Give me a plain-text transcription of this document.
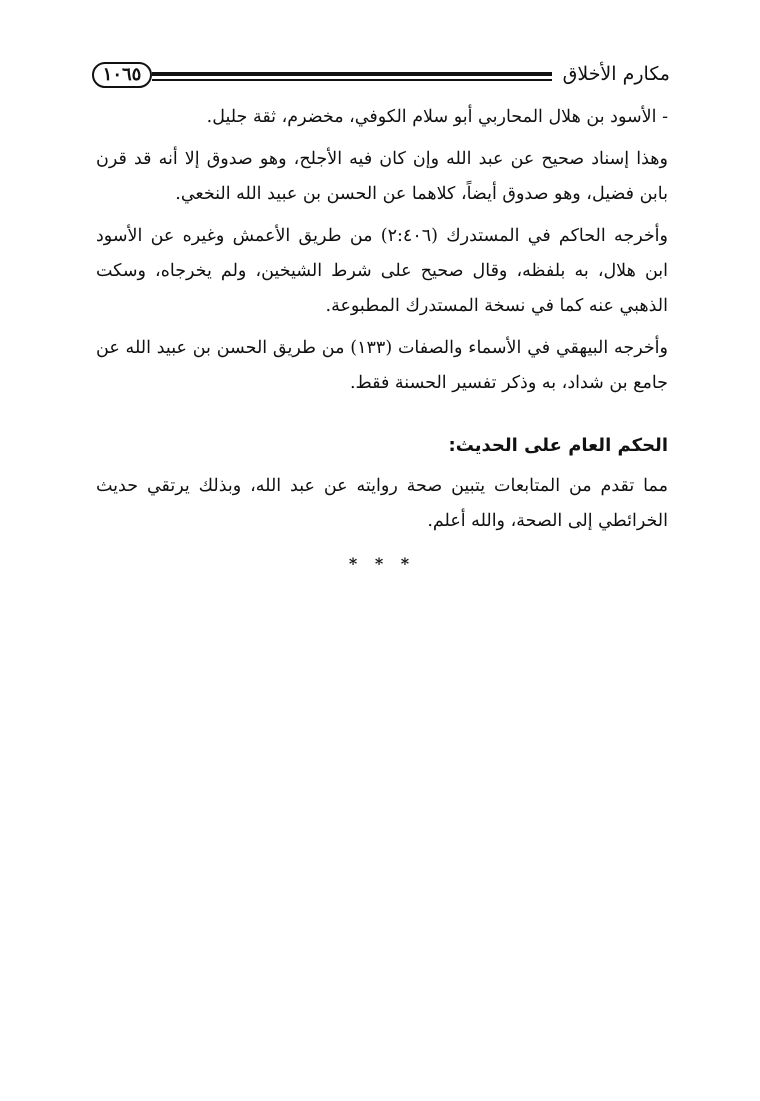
١٠٦٥	مكارم الأخلاق

- الأسود بن هلال المحاربي أبو سلام الكوفي، مخضرم، ثقة جليل.

وهذا إسناد صحيح عن عبد الله وإن كان فيه الأجلح، وهو صدوق إلا أنه قد قرن بابن فضيل، وهو صدوق أيضاً، كلاهما عن الحسن بن عبيد الله النخعي.

وأخرجه الحاكم في المستدرك (٢:٤٠٦) من طريق الأعمش وغيره عن الأسود ابن هلال، به بلفظه، وقال صحيح على شرط الشيخين، ولم يخرجاه، وسكت الذهبي عنه كما في نسخة المستدرك المطبوعة.

وأخرجه البيهقي في الأسماء والصفات (١٣٣) من طريق الحسن بن عبيد الله عن جامع بن شداد، به وذكر تفسير الحسنة فقط.

الحكم العام على الحديث:

مما تقدم من المتابعات يتبين صحة روايته عن عبد الله، وبذلك يرتقي حديث الخرائطي إلى الصحة، والله أعلم.

* * *
